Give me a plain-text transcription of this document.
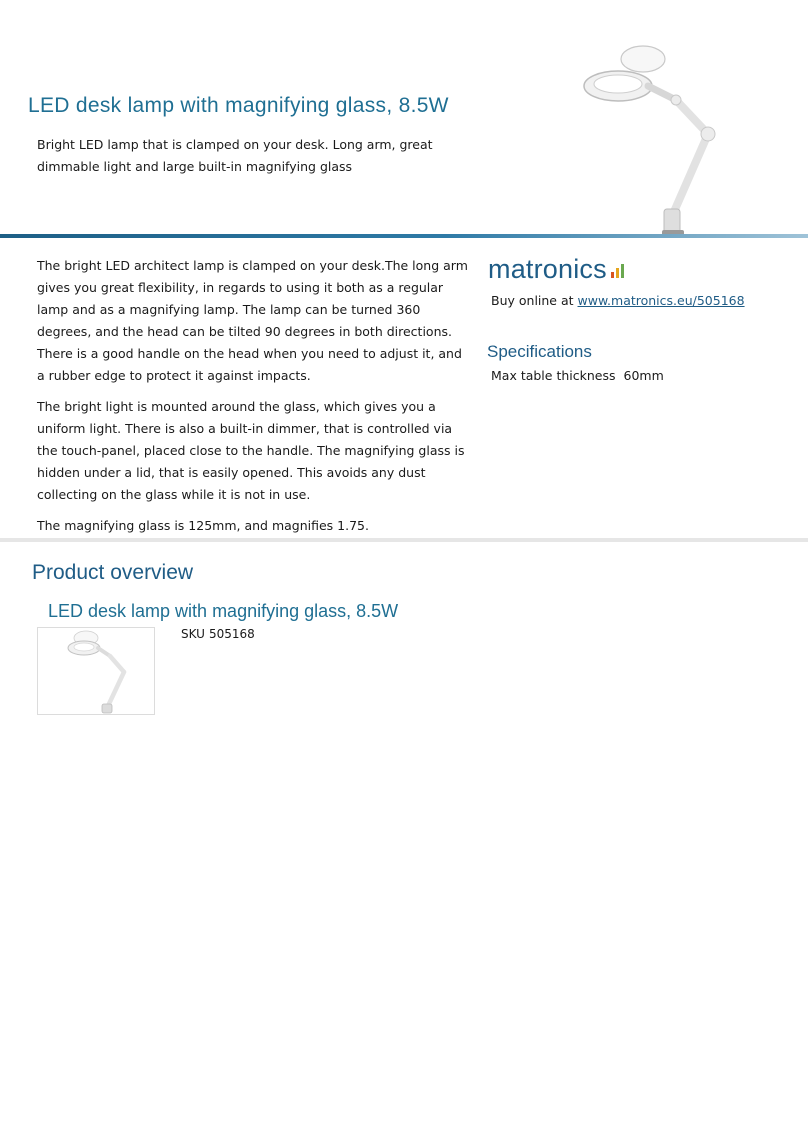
LED desk lamp with magnifying glass, 8.5W

Bright LED lamp that is clamped on your desk. Long arm, great dimmable light and large built-in magnifying glass

The bright LED architect lamp is clamped on your desk.The long arm gives you great flexibility, in regards to using it both as a regular lamp and as a magnifying lamp. The lamp can be turned 360 degrees, and the head can be tilted 90 degrees in both directions. There is a good handle on the head when you need to adjust it, and a rubber edge to protect it against impacts.

The bright light is mounted around the glass, which gives you a uniform light. There is also a built-in dimmer, that is controlled via the touch-panel, placed close to the handle. The magnifying glass is hidden under a lid, that is easily opened. This avoids any dust collecting on the glass while it is not in use.

The magnifying glass is 125mm, and magnifies 1.75.

matronics
Buy online at www.matronics.eu/505168
Specifications
Max table thickness 60mm
Product overview
LED desk lamp with magnifying glass, 8.5W
SKU 505168
